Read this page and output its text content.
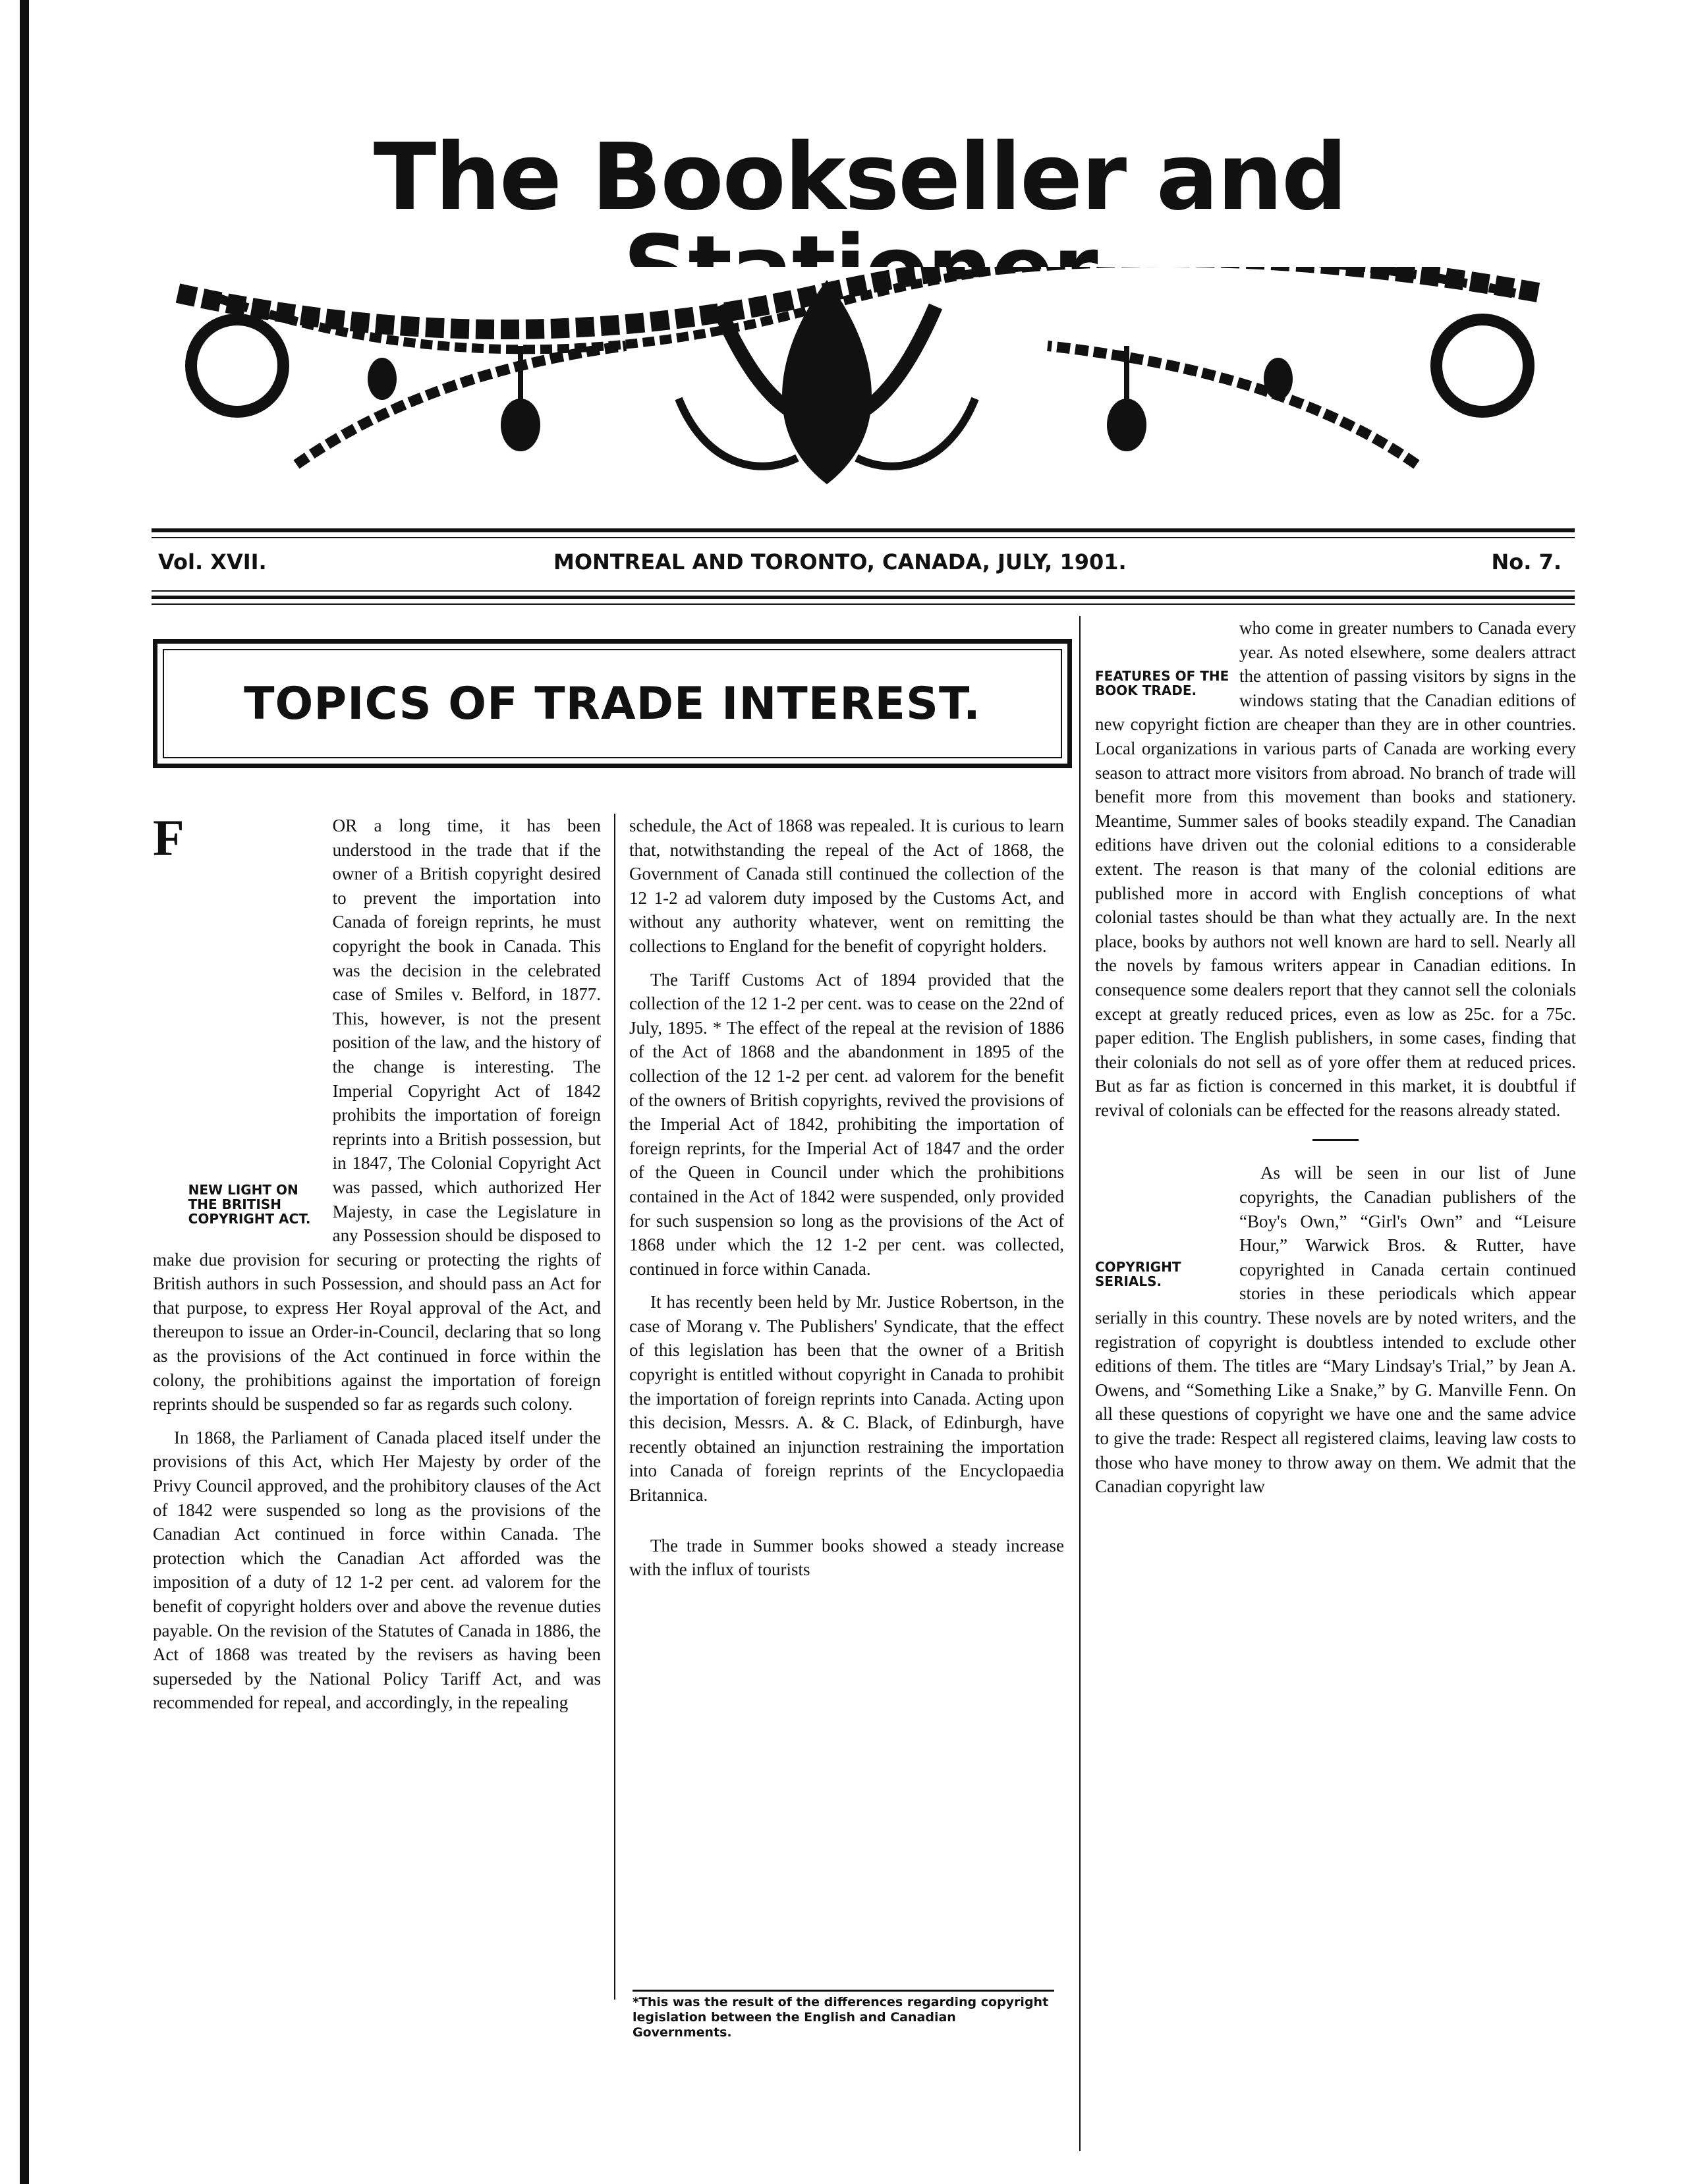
The Bookseller and
Vol. XVII.	MONTREAL AND TORONTO, CANADA, JULY, 1901.	No. 7.
TOPICS OF TRADE INTEREST.

F
NEW LIGHT ON THE BRITISH COPYRIGHT ACT.
OR a long time, it has been understood in the trade that if the owner of a British copyright desired to prevent the importation into Canada of foreign reprints, he must copyright the book in Canada. This was the decision in the celebrated case of Smiles v. Belford, in 1877. This, however, is not the present position of the law, and the history of the change is interesting. The Imperial Copyright Act of 1842 prohibits the importation of foreign reprints into a British possession, but in 1847, The Colonial Copyright Act was passed, which authorized Her Majesty, in case the Legislature in any Possession should be disposed to make due provision for securing or protecting the rights of British authors in such Possession, and should pass an Act for that purpose, to express Her Royal approval of the Act, and thereupon to issue an Order-in-Council, declaring that so long as the provisions of the Act continued in force within the colony, the prohibitions against the importation of foreign reprints should be suspended so far as regards such colony.

In 1868, the Parliament of Canada placed itself under the provisions of this Act, which Her Majesty by order of the Privy Council approved, and the prohibitory clauses of the Act of 1842 were suspended so long as the provisions of the Canadian Act continued in force within Canada. The protection which the Canadian Act afforded was the imposition of a duty of 12 1-2 per cent. ad valorem for the benefit of copyright holders over and above the revenue duties payable. On the revision of the Statutes of Canada in 1886, the Act of 1868 was treated by the revisers as having been superseded by the National Policy Tariff Act, and was recommended for repeal, and accordingly, in the repealing

schedule, the Act of 1868 was repealed. It is curious to learn that, notwithstanding the repeal of the Act of 1868, the Government of Canada still continued the collection of the 12 1-2 ad valorem duty imposed by the Customs Act, and without any authority whatever, went on remitting the collections to England for the benefit of copyright holders.

The Tariff Customs Act of 1894 provided that the collection of the 12 1-2 per cent. was to cease on the 22nd of July, 1895. * The effect of the repeal at the revision of 1886 of the Act of 1868 and the abandonment in 1895 of the collection of the 12 1-2 per cent. ad valorem for the benefit of the owners of British copyrights, revived the provisions of the Imperial Act of 1842, prohibiting the importation of foreign reprints, for the Imperial Act of 1847 and the order of the Queen in Council under which the prohibitions contained in the Act of 1842 were suspended, only provided for such suspension so long as the provisions of the Act of 1868 under which the 12 1-2 per cent. was collected, continued in force within Canada.

It has recently been held by Mr. Justice Robertson, in the case of Morang v. The Publishers' Syndicate, that the effect of this legislation has been that the owner of a British copyright is entitled without copyright in Canada to prohibit the importation of foreign reprints into Canada. Acting upon this decision, Messrs. A. & C. Black, of Edinburgh, have recently obtained an injunction restraining the importation into Canada of foreign reprints of the Encyclopaedia Britannica.

The trade in Summer books showed a steady increase with the influx of tourists

*This was the result of the differences regarding copyright legislation between the English and Canadian Governments.

FEATURES OF THE BOOK TRADE.
who come in greater numbers to Canada every year. As noted elsewhere, some dealers attract the attention of passing visitors by signs in the windows stating that the Canadian editions of new copyright fiction are cheaper than they are in other countries. Local organizations in various parts of Canada are working every season to attract more visitors from abroad. No branch of trade will benefit more from this movement than books and stationery. Meantime, Summer sales of books steadily expand. The Canadian editions have driven out the colonial editions to a considerable extent. The reason is that many of the colonial editions are published more in accord with English conceptions of what colonial tastes should be than what they actually are. In the next place, books by authors not well known are hard to sell. Nearly all the novels by famous writers appear in Canadian editions. In consequence some dealers report that they cannot sell the colonials except at greatly reduced prices, even as low as 25c. for a 75c. paper edition. The English publishers, in some cases, finding that their colonials do not sell as of yore offer them at reduced prices. But as far as fiction is concerned in this market, it is doubtful if revival of colonials can be effected for the reasons already stated.

COPYRIGHT SERIALS.
As will be seen in our list of June copyrights, the Canadian publishers of the “Boy's Own,” “Girl's Own” and “Leisure Hour,” Warwick Bros. & Rutter, have copyrighted in Canada certain continued stories in these periodicals which appear serially in this country. These novels are by noted writers, and the registration of copyright is doubtless intended to exclude other editions of them. The titles are “Mary Lindsay's Trial,” by Jean A. Owens, and “Something Like a Snake,” by G. Manville Fenn. On all these questions of copyright we have one and the same advice to give the trade: Respect all registered claims, leaving law costs to those who have money to throw away on them. We admit that the Canadian copyright law
